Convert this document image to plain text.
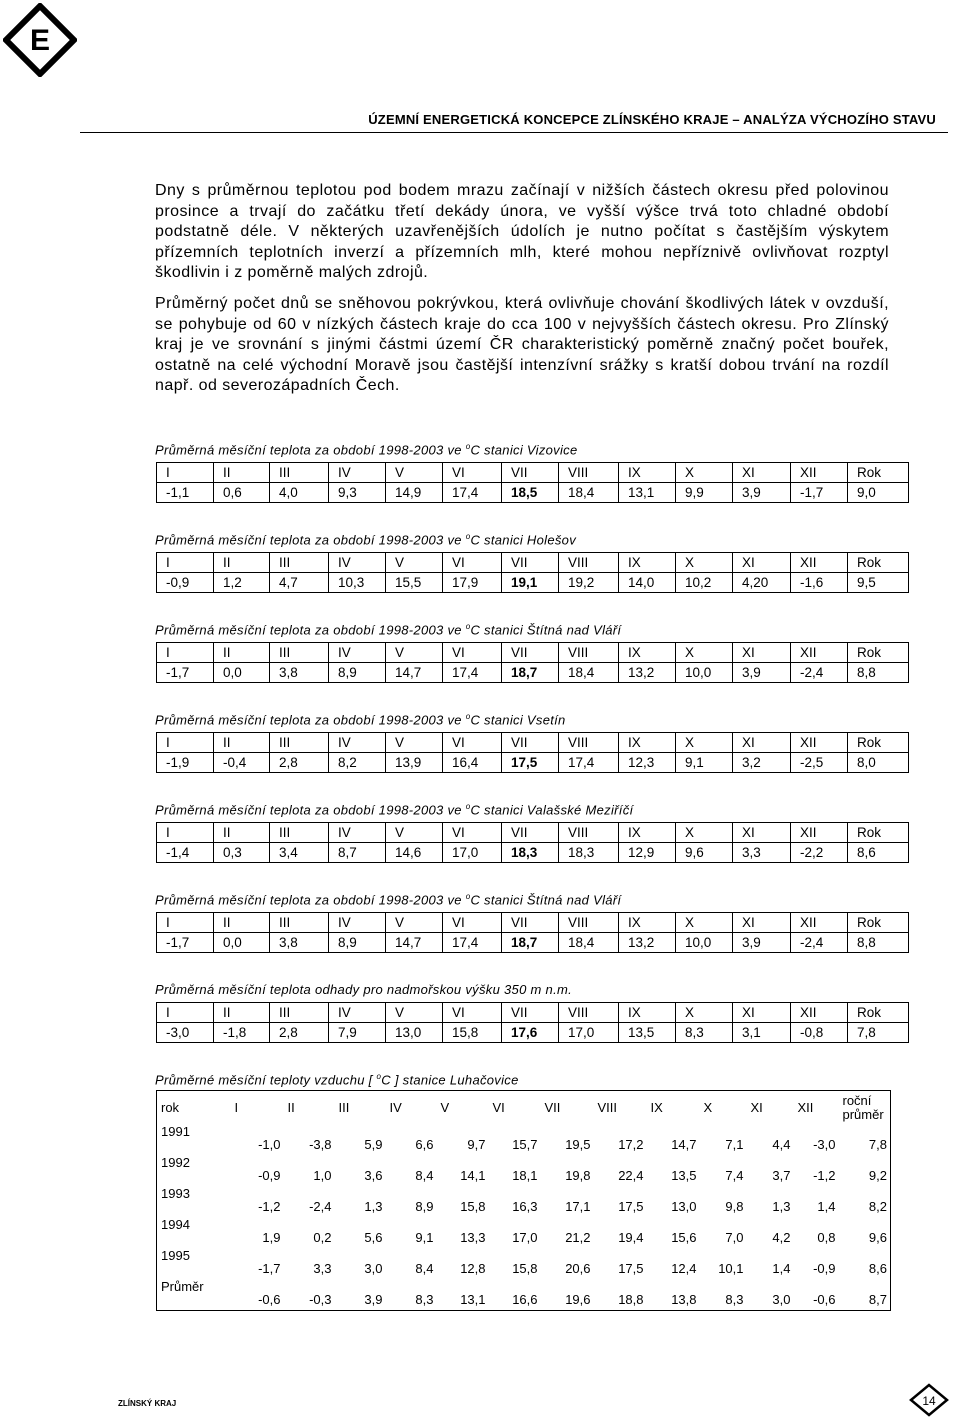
E
ÚZEMNÍ ENERGETICKÁ KONCEPCE ZLÍNSKÉHO KRAJE – ANALÝZA VÝCHOZÍHO STAVU

Dny s průměrnou teplotou pod bodem mrazu začínají v nižších částech okresu před polovinou prosince a trvají do začátku třetí dekády února, ve vyšší výšce trvá toto chladné období podstatně déle. V některých uzavřenějších údolích je nutno počítat s častějším výskytem přízemních teplotních inverzí a přízemních mlh, které mohou nepříznivě ovlivňovat rozptyl škodlivin i z poměrně malých zdrojů.

Průměrný počet dnů se sněhovou pokrývkou, která ovlivňuje chování škodlivých látek v ovzduší, se pohybuje od 60 v nízkých částech kraje do cca 100 v nejvyšších částech okresu. Pro Zlínský kraj je ve srovnání s jinými částmi území ČR charakteristický poměrně značný počet bouřek, ostatně na celé východní Moravě jsou častější intenzívní srážky s kratší dobou trvání na rozdíl např. od severozápadních Čech.

Průměrná měsíční teplota za období 1998-2003 ve $^o$C stanici Vizovice
I	II	III	IV	V	VI	VII	VIII	IX	X	XI	XII	Rok
-1,1	0,6	4,0	9,3	14,9	17,4	18,5	18,4	13,1	9,9	3,9	-1,7	9,0
Průměrná měsíční teplota za období 1998-2003 ve $^o$C stanici Holešov
I	II	III	IV	V	VI	VII	VIII	IX	X	XI	XII	Rok
-0,9	1,2	4,7	10,3	15,5	17,9	19,1	19,2	14,0	10,2	4,20	-1,6	9,5
Průměrná měsíční teplota za období 1998-2003 ve $^o$C stanici Štítná nad Vláří
I	II	III	IV	V	VI	VII	VIII	IX	X	XI	XII	Rok
-1,7	0,0	3,8	8,9	14,7	17,4	18,7	18,4	13,2	10,0	3,9	-2,4	8,8
Průměrná měsíční teplota za období 1998-2003 ve $^o$C stanici Vsetín
I	II	III	IV	V	VI	VII	VIII	IX	X	XI	XII	Rok
-1,9	-0,4	2,8	8,2	13,9	16,4	17,5	17,4	12,3	9,1	3,2	-2,5	8,0
Průměrná měsíční teplota za období 1998-2003 ve $^o$C stanici Valašské Meziříčí
I	II	III	IV	V	VI	VII	VIII	IX	X	XI	XII	Rok
-1,4	0,3	3,4	8,7	14,6	17,0	18,3	18,3	12,9	9,6	3,3	-2,2	8,6
Průměrná měsíční teplota za období 1998-2003 ve $^o$C stanici Štítná nad Vláří
I	II	III	IV	V	VI	VII	VIII	IX	X	XI	XII	Rok
-1,7	0,0	3,8	8,9	14,7	17,4	18,7	18,4	13,2	10,0	3,9	-2,4	8,8
Průměrná měsíční teplota odhady pro nadmořskou výšku 350 m n.m.
I	II	III	IV	V	VI	VII	VIII	IX	X	XI	XII	Rok
-3,0	-1,8	2,8	7,9	13,0	15,8	17,6	17,0	13,5	8,3	3,1	-0,8	7,8
Průměrné měsíční teploty vzduchu [ $^o$C ] stanice Luhačovice
rok	I	II	III	IV	V	VI	VII	VIII	IX	X	XI	XII	roční průměr
1991	-1,0	-3,8	5,9	6,6	9,7	15,7	19,5	17,2	14,7	7,1	4,4	-3,0	7,8
1992	-0,9	1,0	3,6	8,4	14,1	18,1	19,8	22,4	13,5	7,4	3,7	-1,2	9,2
1993	-1,2	-2,4	1,3	8,9	15,8	16,3	17,1	17,5	13,0	9,8	1,3	1,4	8,2
1994	1,9	0,2	5,6	9,1	13,3	17,0	21,2	19,4	15,6	7,0	4,2	0,8	9,6
1995	-1,7	3,3	3,0	8,4	12,8	15,8	20,6	17,5	12,4	10,1	1,4	-0,9	8,6
Průměr	-0,6	-0,3	3,9	8,3	13,1	16,6	19,6	18,8	13,8	8,3	3,0	-0,6	8,7
ZLÍNSKÝ KRAJ	14
